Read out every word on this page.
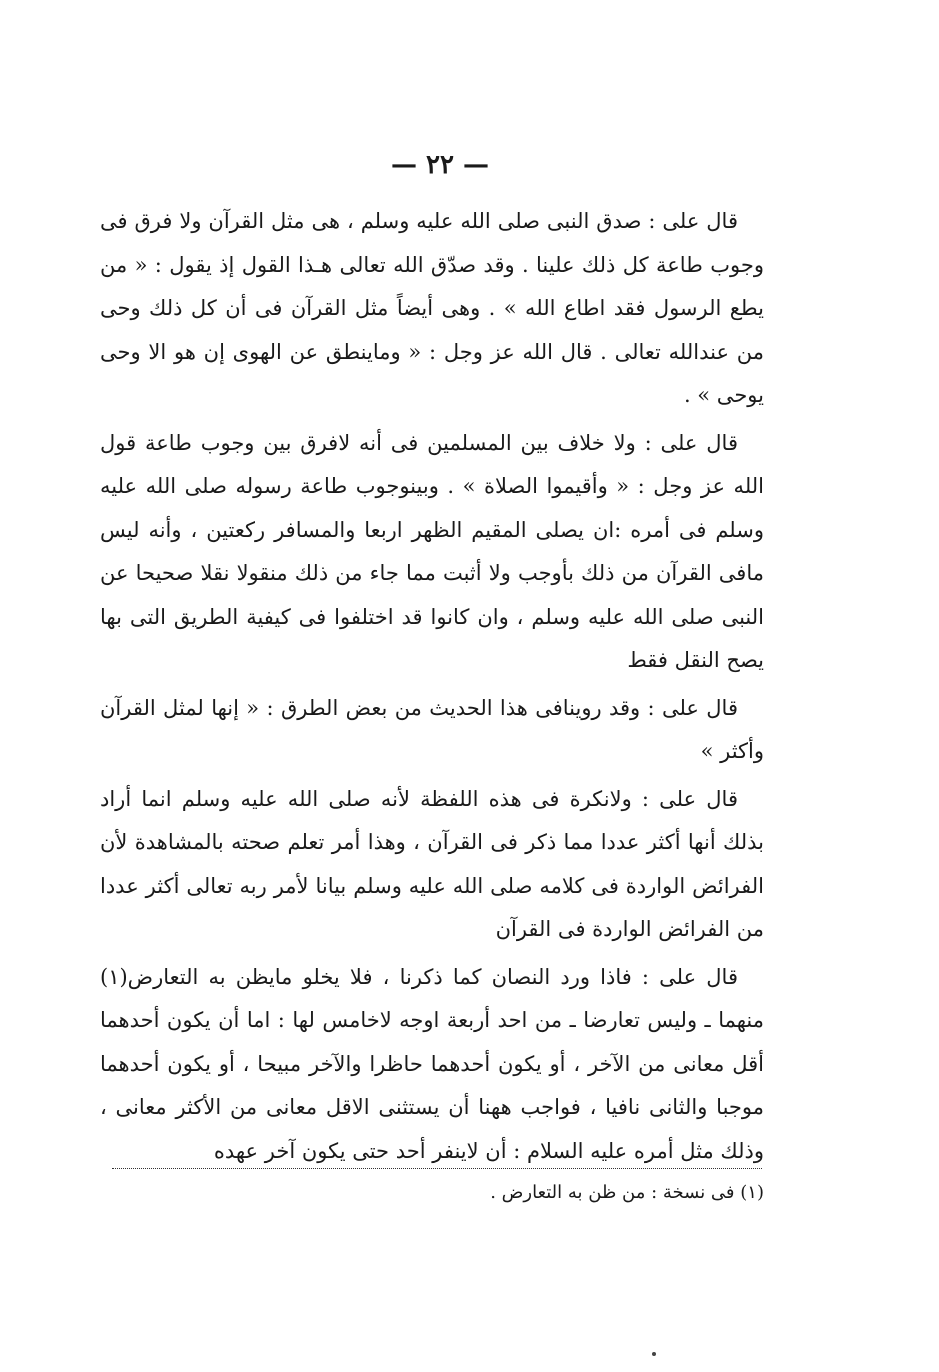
— ٢٢ —

قال على : صدق النبى صلى الله عليه وسلم ، هى مثل القرآن ولا فرق فى وجوب طاعة كل ذلك علينا . وقد صدّق الله تعالى هـذا القول إذ يقول : « من يطع الرسول فقد اطاع الله » . وهى أيضاً مثل القرآن فى أن كل ذلك وحى من عندالله تعالى . قال الله عز وجل : « وماينطق عن الهوى إن هو الا وحى يوحى » .

قال على : ولا خلاف بين المسلمين فى أنه لافرق بين وجوب طاعة قول الله عز وجل : « وأقيموا الصلاة » . وبينوجوب طاعة رسوله صلى الله عليه وسلم فى أمره :ان يصلى المقيم الظهر اربعا والمسافر ركعتين ، وأنه ليس مافى القرآن من ذلك بأوجب ولا أثبت مما جاء من ذلك منقولا نقلا صحيحا عن النبى صلى الله عليه وسلم ، وان كانوا قد اختلفوا فى كيفية الطريق التى بها يصح النقل فقط

قال على : وقد روينافى هذا الحديث من بعض الطرق : « إنها لمثل القرآن وأكثر »

قال على : ولانكرة فى هذه اللفظة لأنه صلى الله عليه وسلم انما أراد بذلك أنها أكثر عددا مما ذكر فى القرآن ، وهذا أمر تعلم صحته بالمشاهدة لأن الفرائض الواردة فى كلامه صلى الله عليه وسلم بيانا لأمر ربه تعالى أكثر عددا من الفرائض الواردة فى القرآن

قال على : فاذا ورد النصان كما ذكرنا ، فلا يخلو مايظن به التعارض(١) منهما ـ وليس تعارضا ـ من احد أربعة اوجه لاخامس لها : اما أن يكون أحدهما أقل معانى من الآخر ، أو يكون أحدهما حاظرا والآخر مبيحا ، أو يكون أحدهما موجبا والثانى نافيا ، فواجب ههنا أن يستثنى الاقل معانى من الأكثر معانى ، وذلك مثل أمره عليه السلام : أن لاينفر أحد حتى يكون آخر عهده

(١) فى نسخة : من ظن به التعارض .
